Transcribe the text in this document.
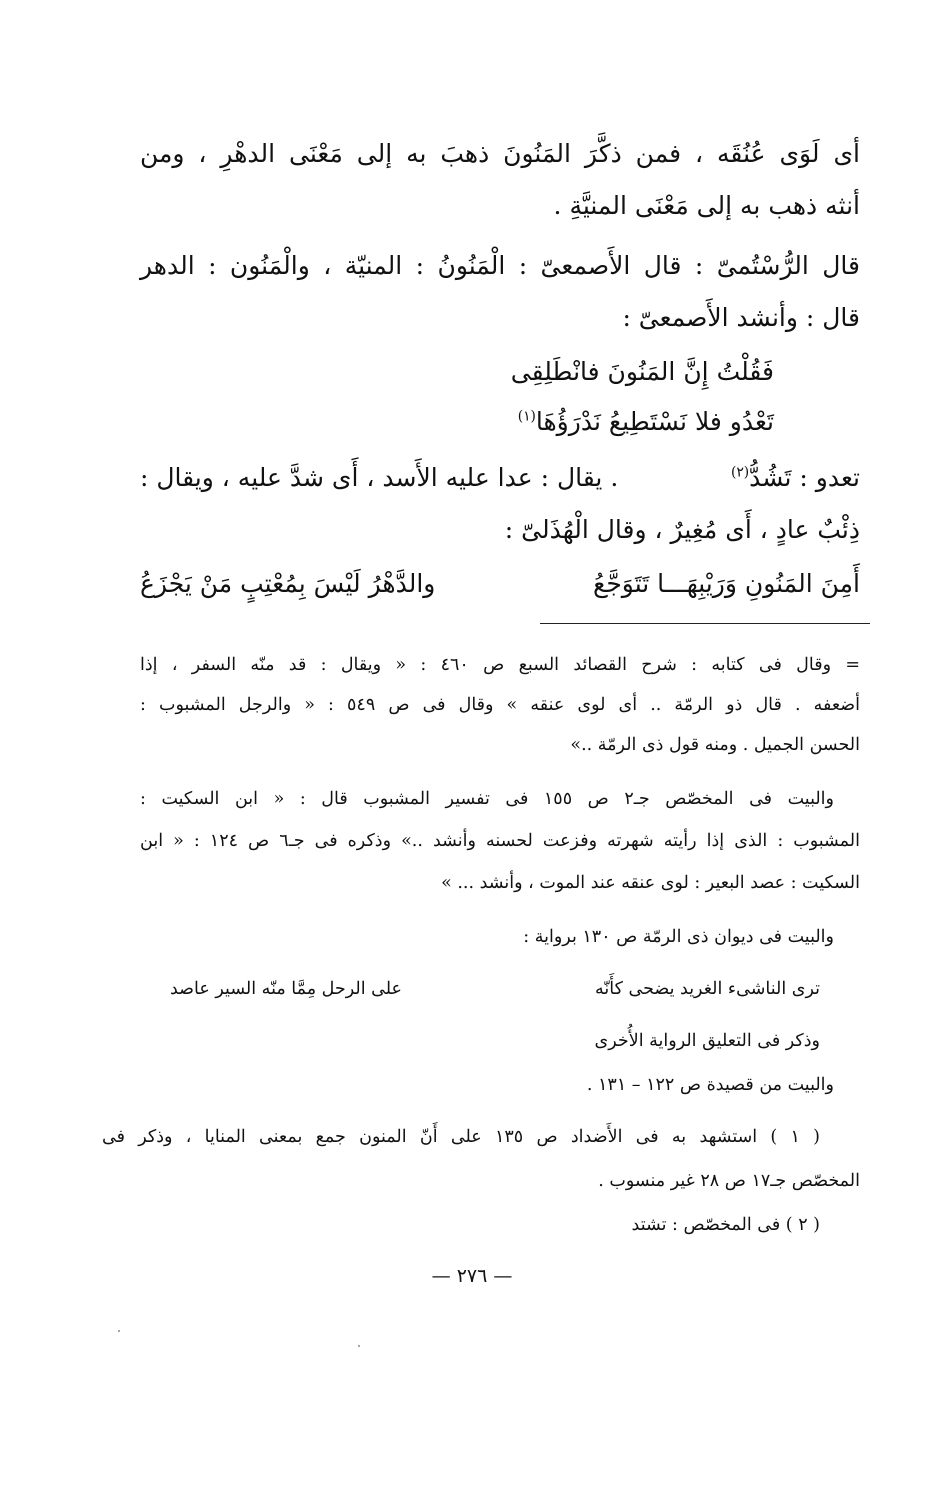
أى لَوَى عُنُقَه ، فمن ذكَّرَ المَنُونَ ذهبَ به إلى مَعْنَى الدهْرِ ، ومن
أنثه ذهب به إلى مَعْنَى المنيَّةِ .
قال الرُّسْتُمىّ : قال الأَصمعىّ : الْمَنُونُ : المنيّة ، والْمَنُون : الدهر
قال : وأنشد الأَصمعىّ :
فَقُلْتُ إِنَّ المَنُونَ فانْطَلِقِى
تَعْدُو فلا نَسْتَطِيعُ نَدْرَؤُهَا$^{(١)}$
تعدو : تَشُدُّ$^{(٢)}$
. يقال : عدا عليه الأَسد ، أَى شدَّ عليه ، ويقال :
ذِئْبٌ عادٍ ، أَى مُغِيرٌ ، وقال الْهُذَلىّ :
أَمِنَ المَنُونِ وَرَيْبِهَـــا تَتَوَجَّعُ
والدَّهْرُ لَيْسَ بِمُعْتِبٍ مَنْ يَجْزَعُ
= وقال فى كتابه : شرح القصائد السبع ص ٤٦٠ : « ويقال : قد منّه السفر ، إذا
أضعفه . قال ذو الرمّة .. أى لوى عنقه » وقال فى ص ٥٤٩ : « والرجل المشبوب :
الحسن الجميل . ومنه قول ذى الرمّة ..»
والبيت فى المخصّص جـ٢ ص ١٥٥ فى تفسير المشبوب قال : « ابن السكيت :
المشبوب : الذى إذا رأيته شهرته وفزعت لحسنه وأنشد ..» وذكره فى جـ٦ ص ١٢٤ : « ابن
السكيت : عصد البعير : لوى عنقه عند الموت ، وأنشد ... »
والبيت فى ديوان ذى الرمّة ص ١٣٠ برواية :
ترى الناشىء الغريد يضحى كأَنّه
على الرحل مِمَّا منّه السير عاصد
وذكر فى التعليق الرواية الأُخرى
والبيت من قصيدة ص ١٢٢ – ١٣١ .
( ١ ) استشهد به فى الأَضداد ص ١٣٥ على أَنّ المنون جمع بمعنى المنايا ، وذكر فى
المخصّص جـ١٧ ص ٢٨ غير منسوب .
( ٢ ) فى المخصّص : تشتد
— ٢٧٦ —
